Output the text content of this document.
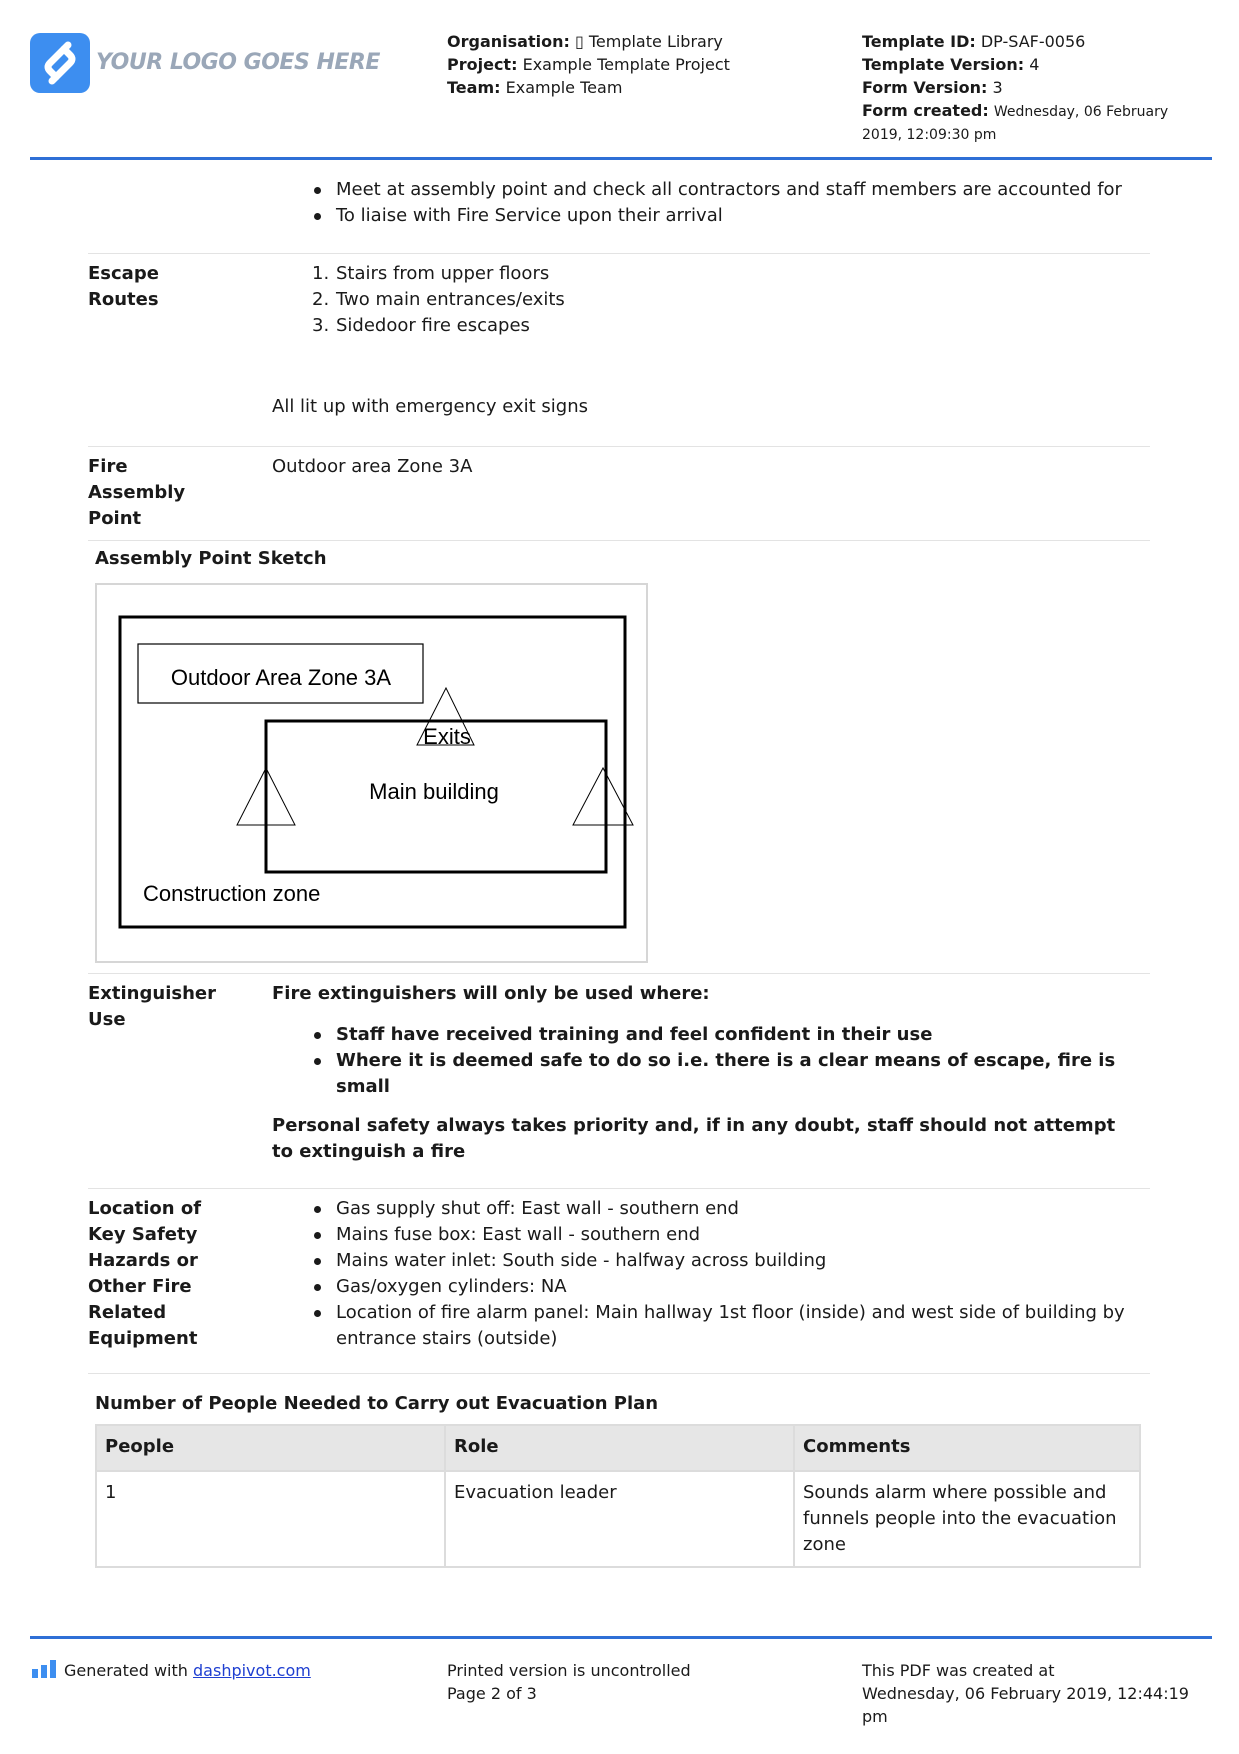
YOUR LOGO GOES HERE
Organisation: ▯ Template Library
Project: Example Template Project
Team: Example Team
Template ID: DP-SAF-0056
Template Version: 4
Form Version: 3
Form created: Wednesday, 06 February
2019, 12:09:30 pm
Meet at assembly point and check all contractors and staff members are accounted for
To liaise with Fire Service upon their arrival
Escape
Routes
1. Stairs from upper floors
2. Two main entrances/exits
3. Sidedoor fire escapes
All lit up with emergency exit signs
Fire
Assembly
Point
Outdoor area Zone 3A
Assembly Point Sketch
Outdoor Area Zone 3A
Exits
Main building
Construction zone
Extinguisher
Use
Fire extinguishers will only be used where:
Staff have received training and feel confident in their use
Where it is deemed safe to do so i.e. there is a clear means of escape, fire is
small
Personal safety always takes priority and, if in any doubt, staff should not attempt
to extinguish a fire
Location of
Key Safety
Hazards or
Other Fire
Related
Equipment
Gas supply shut off: East wall - southern end
Mains fuse box: East wall - southern end
Mains water inlet: South side - halfway across building
Gas/oxygen cylinders: NA
Location of fire alarm panel: Main hallway 1st floor (inside) and west side of building by
entrance stairs (outside)
Number of People Needed to Carry out Evacuation Plan
People	Role	Comments
1	Evacuation leader	Sounds alarm where possible and
funnels people into the evacuation
zone
Generated with dashpivot.com	Printed version is uncontrolled
Page 2 of 3
This PDF was created at
Wednesday, 06 February 2019, 12:44:19
pm
